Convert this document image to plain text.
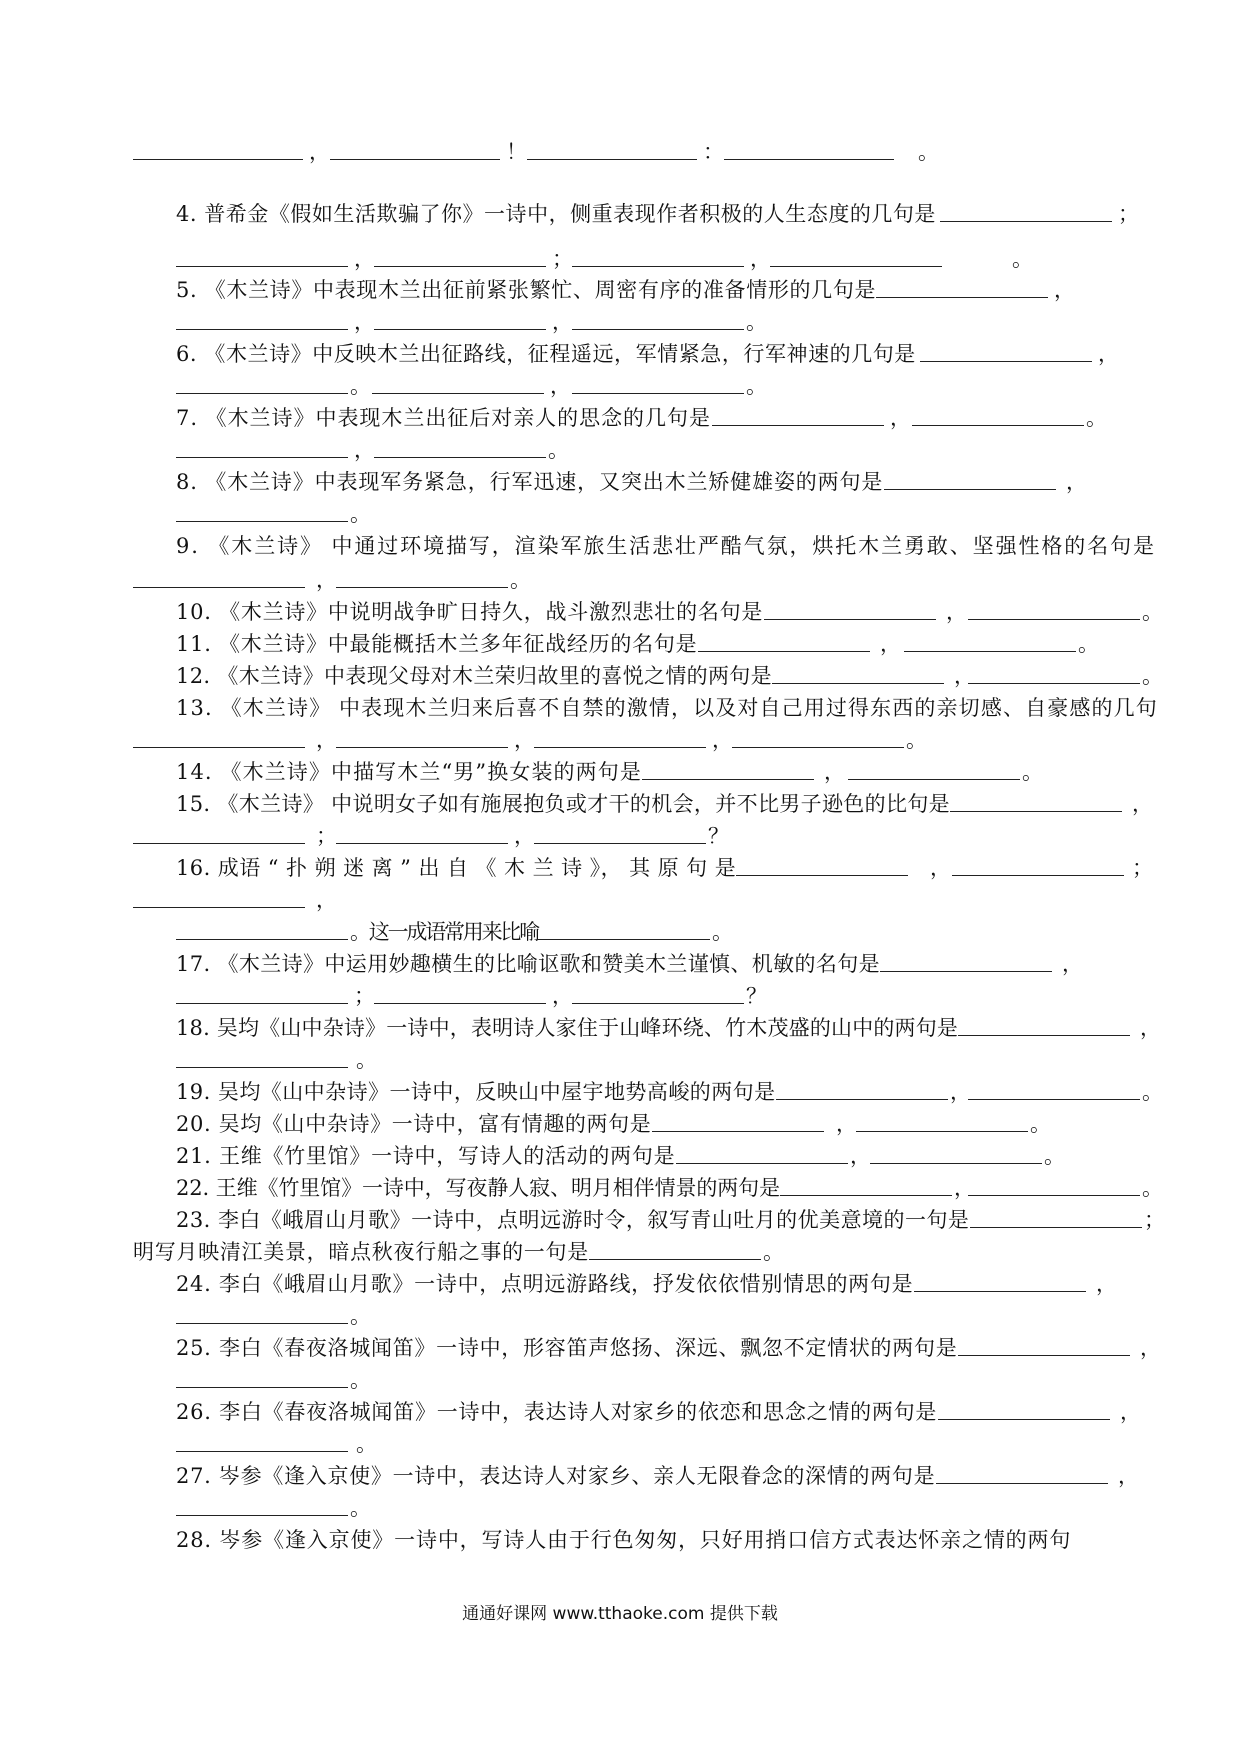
，	！	：	。
4. 普希金《假如生活欺骗了你》一诗中，侧重表现作者积极的人生态度的几句是	；
，	；	，	。
5. 《木兰诗》中表现木兰出征前紧张繁忙、周密有序的准备情形的几句是	，
，	，	。
6. 《木兰诗》中反映木兰出征路线，征程遥远，军情紧急，行军神速的几句是	，
。	，	。
7. 《木兰诗》中表现木兰出征后对亲人的思念的几句是	，	。
，	。
8. 《木兰诗》中表现军务紧急，行军迅速，又突出木兰矫健雄姿的两句是	，
。
9. 《木兰诗》 中通过环境描写，渲染军旅生活悲壮严酷气氛，烘托木兰勇敢、坚强性格的名句是
，	。
10. 《木兰诗》中说明战争旷日持久，战斗激烈悲壮的名句是	，	。
11. 《木兰诗》中最能概括木兰多年征战经历的名句是	，	。
12. 《木兰诗》中表现父母对木兰荣归故里的喜悦之情的两句是	，	。
13. 《木兰诗》 中表现木兰归来后喜不自禁的激情，以及对自己用过得东西的亲切感、自豪感的几句
，	，	，	。
14. 《木兰诗》中描写木兰“男”换女装的两句是	，	。
15. 《木兰诗》 中说明女子如有施展抱负或才干的机会，并不比男子逊色的比句是	，
；	，	？
16. 成语 “ 扑 朔 迷 离 ” 出 自 《 木 兰 诗 》， 其 原 句 是	，	；
，
。这一成语常用来比喻	。
17. 《木兰诗》中运用妙趣横生的比喻讴歌和赞美木兰谨慎、机敏的名句是	，
；	，	？
18. 吴均《山中杂诗》一诗中，表明诗人家住于山峰环绕、竹木茂盛的山中的两句是	，
。
19. 吴均《山中杂诗》一诗中，反映山中屋宇地势高峻的两句是	，	。
20. 吴均《山中杂诗》一诗中，富有情趣的两句是	，	。
21. 王维《竹里馆》一诗中，写诗人的活动的两句是	，	。
22. 王维《竹里馆》一诗中，写夜静人寂、明月相伴情景的两句是	，	。
23. 李白《峨眉山月歌》一诗中，点明远游时令，叙写青山吐月的优美意境的一句是	；
明写月映清江美景，暗点秋夜行船之事的一句是	。
24. 李白《峨眉山月歌》一诗中，点明远游路线，抒发依依惜别情思的两句是	，
。
25. 李白《春夜洛城闻笛》一诗中，形容笛声悠扬、深远、飘忽不定情状的两句是	，
。
26. 李白《春夜洛城闻笛》一诗中，表达诗人对家乡的依恋和思念之情的两句是	，
。
27. 岑参《逢入京使》一诗中，表达诗人对家乡、亲人无限眷念的深情的两句是	，
。
28. 岑参《逢入京使》一诗中，写诗人由于行色匆匆，只好用捎口信方式表达怀亲之情的两句
通通好课网 www.tthaoke.com 提供下载
